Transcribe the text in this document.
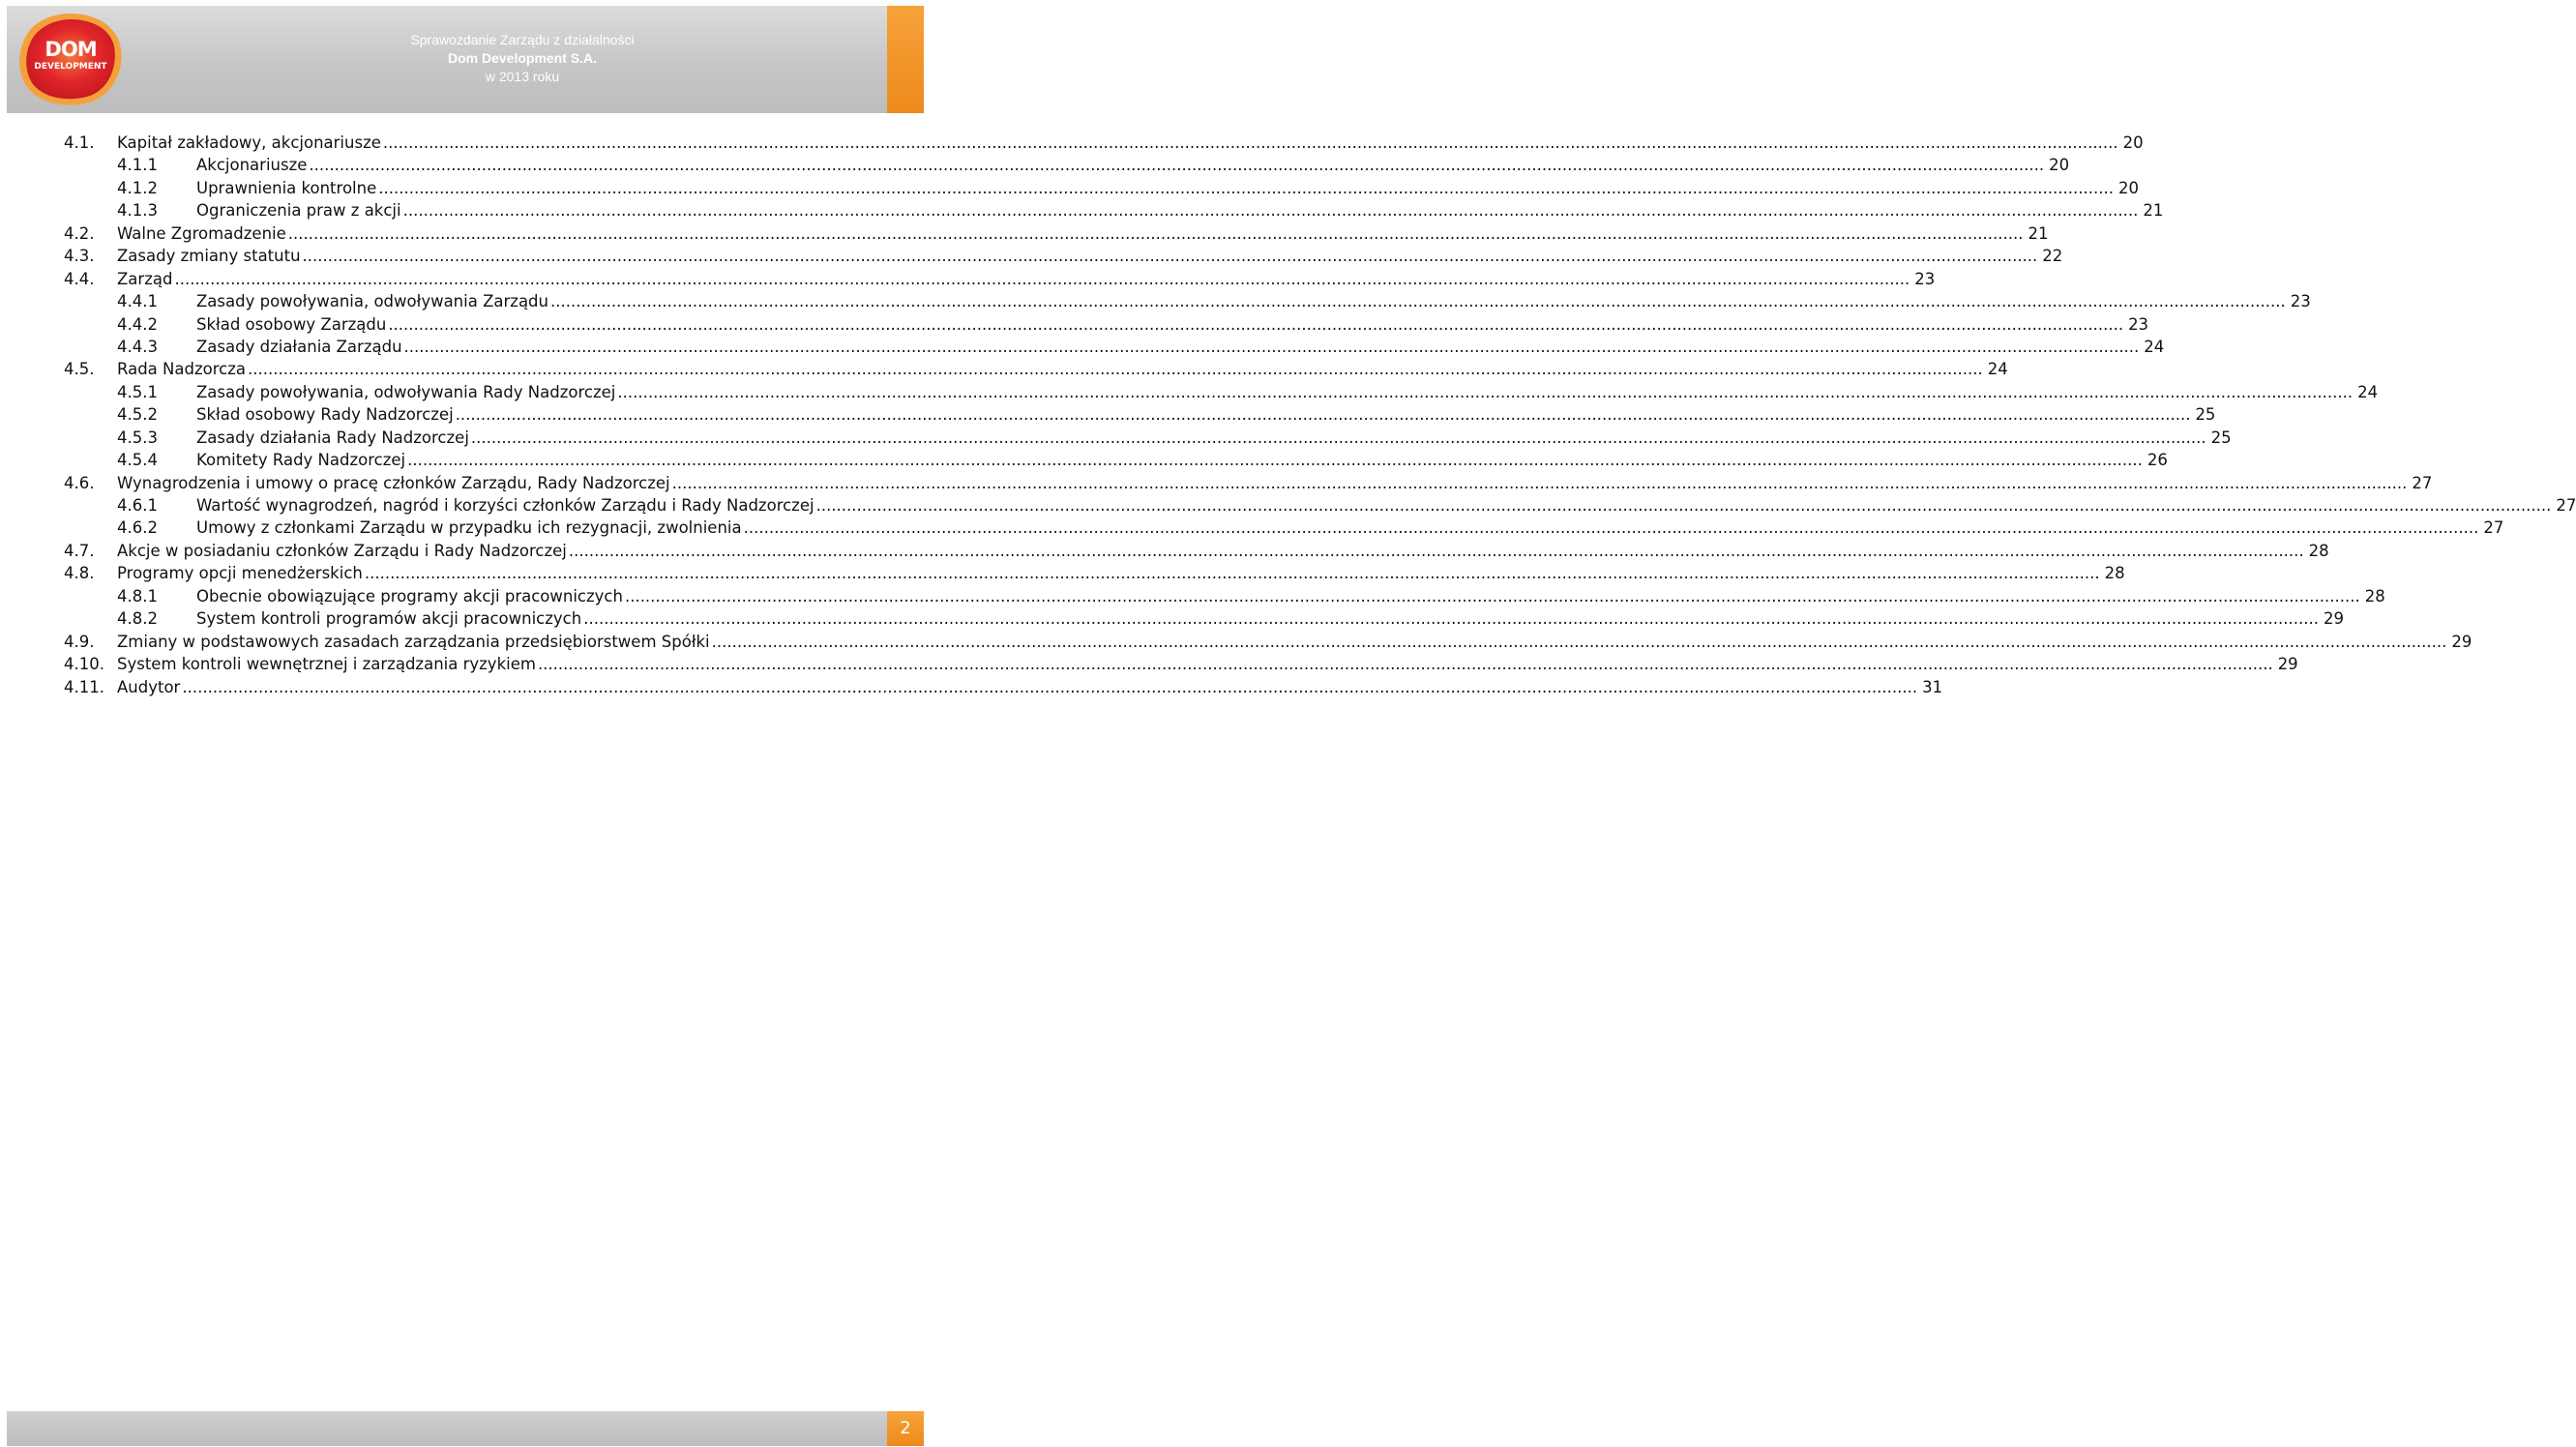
DOM
DEVELOPMENT
Sprawozdanie Zarządu z działalności
Dom Development S.A.
w 2013 roku
4.1.	Kapitał zakładowy, akcjonariusze .....	20
4.1.1	Akcjonariusze .....	20
4.1.2	Uprawnienia kontrolne .....	20
4.1.3	Ograniczenia praw z akcji .....	21
4.2.	Walne Zgromadzenie .....	21
4.3.	Zasady zmiany statutu .....	22
4.4.	Zarząd .....	23
4.4.1	Zasady powoływania, odwoływania Zarządu .....	23
4.4.2	Skład osobowy Zarządu .....	23
4.4.3	Zasady działania Zarządu .....	24
4.5.	Rada Nadzorcza .....	24
4.5.1	Zasady powoływania, odwoływania Rady Nadzorczej .....	24
4.5.2	Skład osobowy Rady Nadzorczej .....	25
4.5.3	Zasady działania Rady Nadzorczej .....	25
4.5.4	Komitety Rady Nadzorczej .....	26
4.6.	Wynagrodzenia i umowy o pracę członków Zarządu, Rady Nadzorczej .....	27
4.6.1	Wartość wynagrodzeń, nagród i korzyści członków Zarządu i Rady Nadzorczej .....	27
4.6.2	Umowy z członkami Zarządu w przypadku ich rezygnacji, zwolnienia .....	27
4.7.	Akcje w posiadaniu członków Zarządu i Rady Nadzorczej .....	28
4.8.	Programy opcji menedżerskich .....	28
4.8.1	Obecnie obowiązujące programy akcji pracowniczych .....	28
4.8.2	System kontroli programów akcji pracowniczych .....	29
4.9.	Zmiany w podstawowych zasadach zarządzania przedsiębiorstwem Spółki .....	29
4.10. System kontroli wewnętrznej i zarządzania ryzykiem .....	29
4.11. Audytor .....	31
2
